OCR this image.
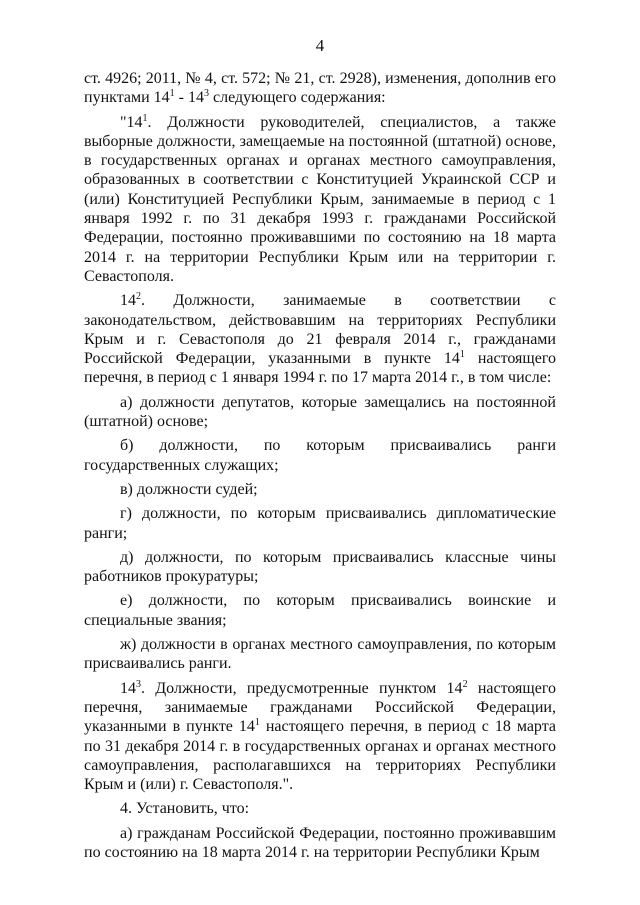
4

ст. 4926; 2011, № 4, ст. 572; № 21, ст. 2928), изменения, дополнив его пунктами $14^1 - 14^3$ следующего содержания:

"$14^1$. Должности руководителей, специалистов, а также выборные должности, замещаемые на постоянной (штатной) основе, в государственных органах и органах местного самоуправления, образованных в соответствии с Конституцией Украинской ССР и (или) Конституцией Республики Крым, занимаемые в период с 1 января 1992 г. по 31 декабря 1993 г. гражданами Российской Федерации, постоянно проживавшими по состоянию на 18 марта 2014 г. на территории Республики Крым или на территории г. Севастополя.

$14^2$. Должности, занимаемые в соответствии с законодательством, действовавшим на территориях Республики Крым и г. Севастополя до 21 февраля 2014 г., гражданами Российской Федерации, указанными в пункте $14^1$ настоящего перечня, в период с 1 января 1994 г. по 17 марта 2014 г., в том числе:

а) должности депутатов, которые замещались на постоянной (штатной) основе;

б) должности, по которым присваивались ранги государственных служащих;

в) должности судей;

г) должности, по которым присваивались дипломатические ранги;

д) должности, по которым присваивались классные чины работников прокуратуры;

е) должности, по которым присваивались воинские и специальные звания;

ж) должности в органах местного самоуправления, по которым присваивались ранги.

$14^3$. Должности, предусмотренные пунктом $14^2$ настоящего перечня, занимаемые гражданами Российской Федерации, указанными в пункте $14^1$ настоящего перечня, в период с 18 марта по 31 декабря 2014 г. в государственных органах и органах местного самоуправления, располагавшихся на территориях Республики Крым и (или) г. Севастополя.".

4. Установить, что:

а) гражданам Российской Федерации, постоянно проживавшим по состоянию на 18 марта 2014 г. на территории Республики Крым
